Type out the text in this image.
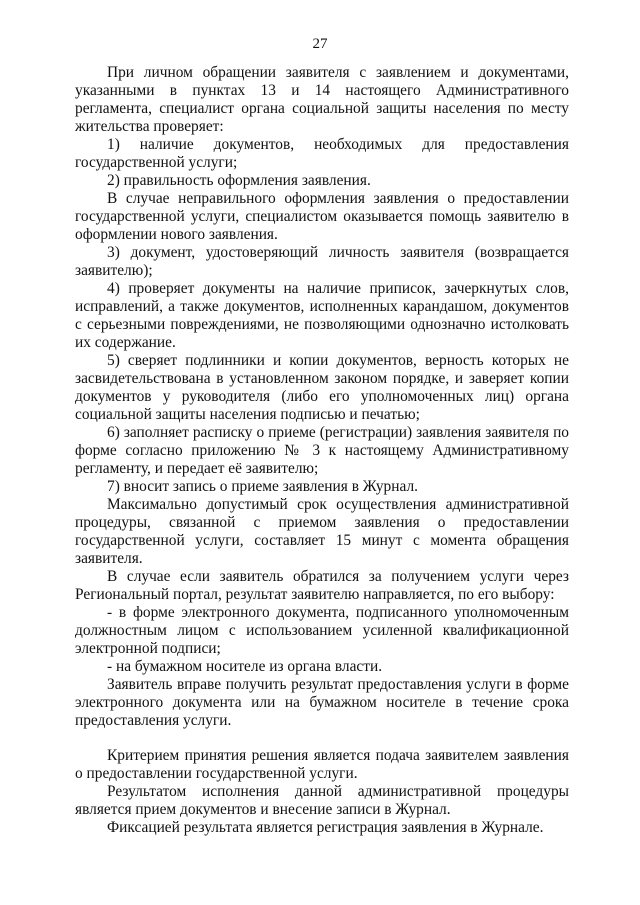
27

При личном обращении заявителя с заявлением и документами, указанными в пунктах 13 и 14 настоящего Административного регламента, специалист органа социальной защиты населения по месту жительства проверяет:

1) наличие документов, необходимых для предоставления государственной услуги;

2) правильность оформления заявления.

В случае неправильного оформления заявления о предоставлении государственной услуги, специалистом оказывается помощь заявителю в оформлении нового заявления.

3) документ, удостоверяющий личность заявителя (возвращается заявителю);

4) проверяет документы на наличие приписок, зачеркнутых слов, исправлений, а также документов, исполненных карандашом, документов с серьезными повреждениями, не позволяющими однозначно истолковать их содержание.

5) сверяет подлинники и копии документов, верность которых не засвидетельствована в установленном законом порядке, и заверяет копии документов у руководителя (либо его уполномоченных лиц) органа социальной защиты населения подписью и печатью;

6) заполняет расписку о приеме (регистрации) заявления заявителя по форме согласно приложению № 3 к настоящему Административному регламенту, и передает её заявителю;

7) вносит запись о приеме заявления в Журнал.

Максимально допустимый срок осуществления административной процедуры, связанной с приемом заявления о предоставлении государственной услуги, составляет 15 минут с момента обращения заявителя.

В случае если заявитель обратился за получением услуги через Региональный портал, результат заявителю направляется, по его выбору:

- в форме электронного документа, подписанного уполномоченным должностным лицом с использованием усиленной квалификационной электронной подписи;

- на бумажном носителе из органа власти.

Заявитель вправе получить результат предоставления услуги в форме электронного документа или на бумажном носителе в течение срока предоставления услуги.

Критерием принятия решения является подача заявителем заявления о предоставлении государственной услуги.

Результатом исполнения данной административной процедуры является прием документов и внесение записи в Журнал.

Фиксацией результата является регистрация заявления в Журнале.
